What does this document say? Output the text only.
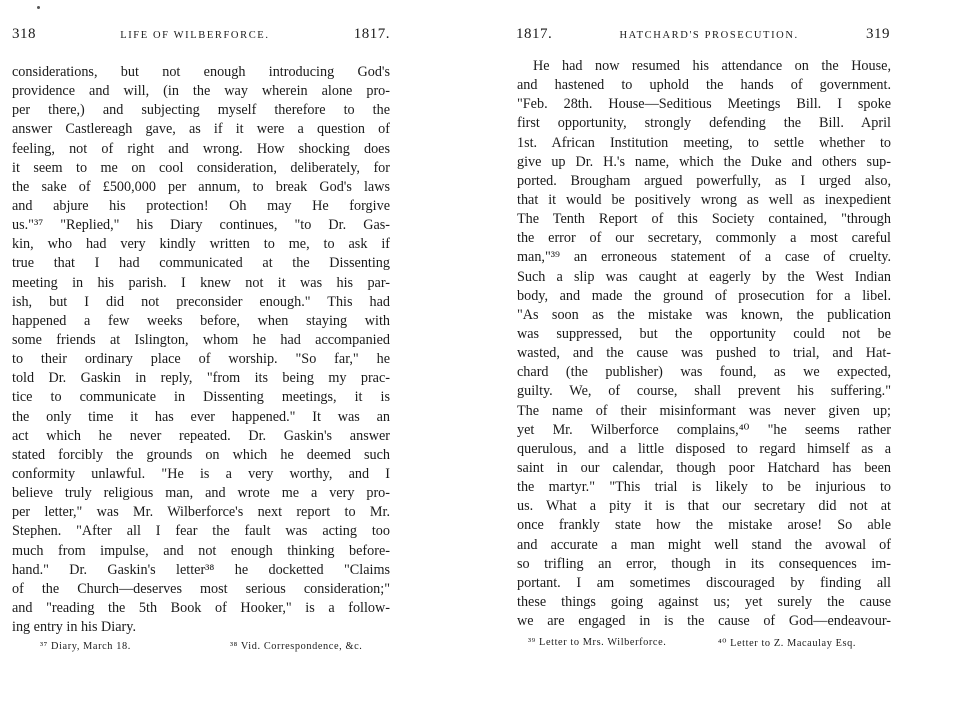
318	LIFE OF WILBERFORCE.	1817.
considerations, but not enough introducing God's
providence and will, (in the way wherein alone pro-
per there,) and subjecting myself therefore to the
answer Castlereagh gave, as if it were a question of
feeling, not of right and wrong. How shocking does
it seem to me on cool consideration, deliberately, for
the sake of £500,000 per annum, to break God's laws
and abjure his protection! Oh may He forgive
us."³⁷ "Replied," his Diary continues, "to Dr. Gas-
kin, who had very kindly written to me, to ask if
true that I had communicated at the Dissenting
meeting in his parish. I knew not it was his par-
ish, but I did not preconsider enough." This had
happened a few weeks before, when staying with
some friends at Islington, whom he had accompanied
to their ordinary place of worship. "So far," he
told Dr. Gaskin in reply, "from its being my prac-
tice to communicate in Dissenting meetings, it is
the only time it has ever happened." It was an
act which he never repeated. Dr. Gaskin's answer
stated forcibly the grounds on which he deemed such
conformity unlawful. "He is a very worthy, and I
believe truly religious man, and wrote me a very pro-
per letter," was Mr. Wilberforce's next report to Mr.
Stephen. "After all I fear the fault was acting too
much from impulse, and not enough thinking before-
hand." Dr. Gaskin's letter³⁸ he docketted "Claims
of the Church—deserves most serious consideration;"
and "reading the 5th Book of Hooker," is a follow-
ing entry in his Diary.
³⁷ Diary, March 18.	³⁸ Vid. Correspondence, &c.
1817.	HATCHARD'S PROSECUTION.	319
He had now resumed his attendance on the House,
and hastened to uphold the hands of government.
"Feb. 28th. House—Seditious Meetings Bill. I spoke
first opportunity, strongly defending the Bill. April
1st. African Institution meeting, to settle whether to
give up Dr. H.'s name, which the Duke and others sup-
ported. Brougham argued powerfully, as I urged also,
that it would be positively wrong as well as inexpedient
The Tenth Report of this Society contained, "through
the error of our secretary, commonly a most careful
man,"³⁹ an erroneous statement of a case of cruelty.
Such a slip was caught at eagerly by the West Indian
body, and made the ground of prosecution for a libel.
"As soon as the mistake was known, the publication
was suppressed, but the opportunity could not be
wasted, and the cause was pushed to trial, and Hat-
chard (the publisher) was found, as we expected,
guilty. We, of course, shall prevent his suffering."
The name of their misinformant was never given up;
yet Mr. Wilberforce complains,⁴⁰ "he seems rather
querulous, and a little disposed to regard himself as a
saint in our calendar, though poor Hatchard has been
the martyr." "This trial is likely to be injurious to
us. What a pity it is that our secretary did not at
once frankly state how the mistake arose! So able
and accurate a man might well stand the avowal of
so trifling an error, though in its consequences im-
portant. I am sometimes discouraged by finding all
these things going against us; yet surely the cause
we are engaged in is the cause of God—endeavour-
³⁹ Letter to Mrs. Wilberforce.	⁴⁰ Letter to Z. Macaulay Esq.
